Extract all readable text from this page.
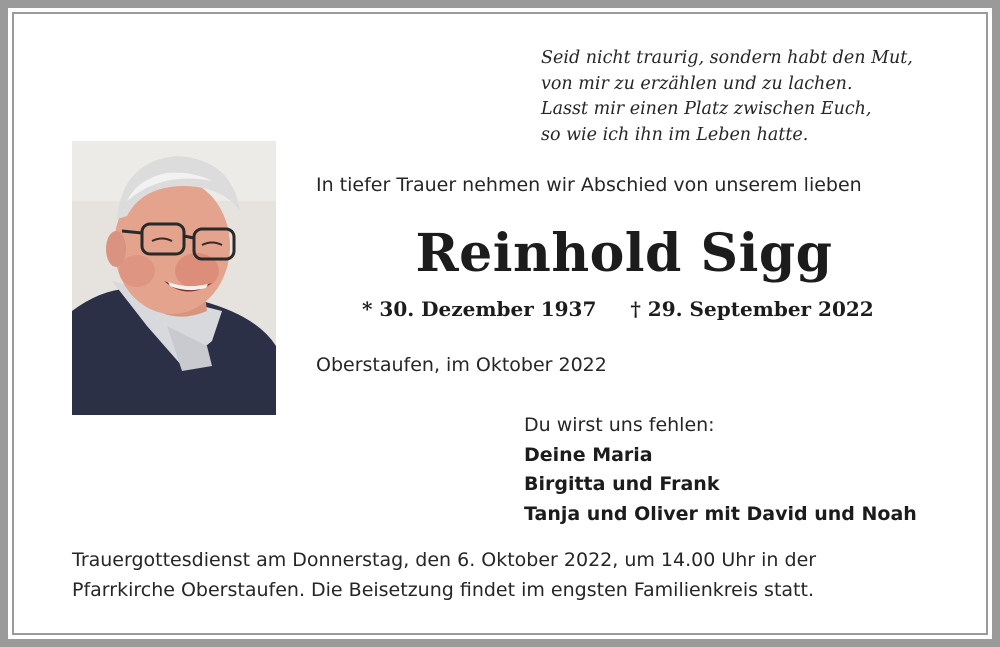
Seid nicht traurig, sondern habt den Mut,
von mir zu erzählen und zu lachen.
Lasst mir einen Platz zwischen Euch,
so wie ich ihn im Leben hatte.
In tiefer Trauer nehmen wir Abschied von unserem lieben
Reinhold Sigg
* 30. Dezember 1937 † 29. September 2022
Oberstaufen, im Oktober 2022
Du wirst uns fehlen:
Deine Maria
Birgitta und Frank
Tanja und Oliver mit David und Noah
Trauergottesdienst am Donnerstag, den 6. Oktober 2022, um 14.00 Uhr in der
Pfarrkirche Oberstaufen. Die Beisetzung findet im engsten Familienkreis statt.
